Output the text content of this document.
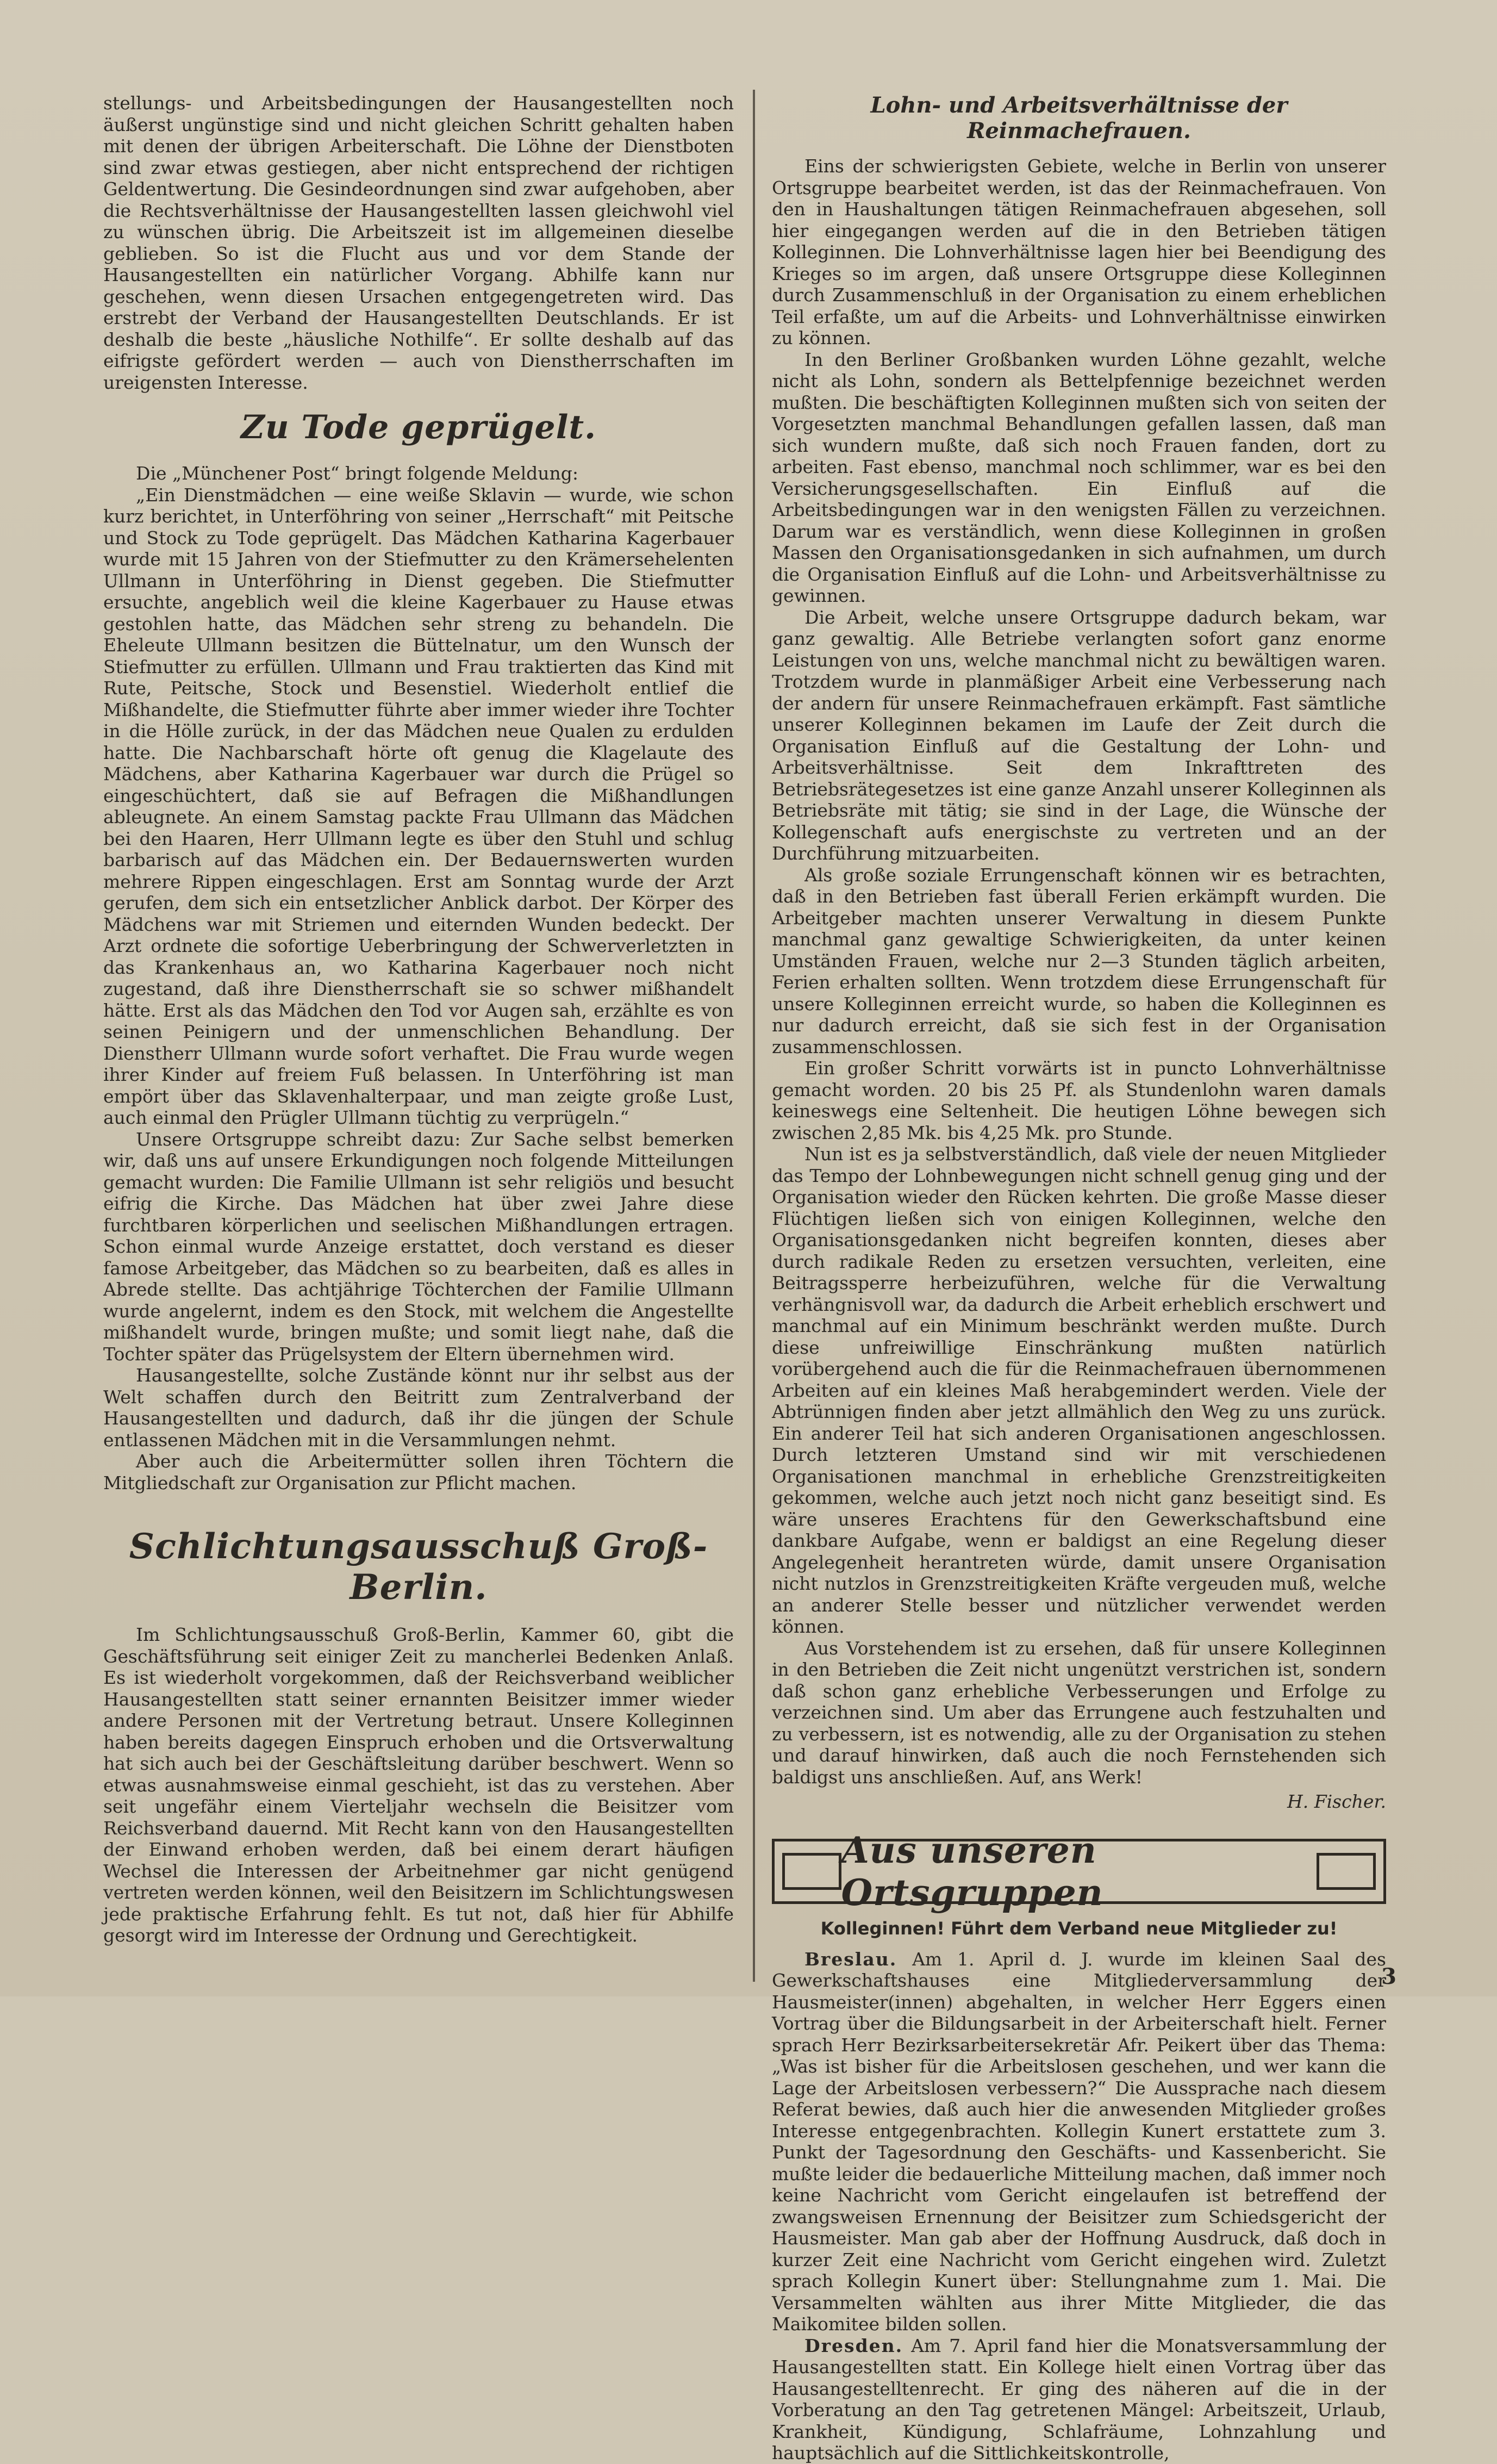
stellungs- und Arbeitsbedingungen der Hausangestellten noch äußerst ungünstige sind und nicht gleichen Schritt gehalten haben mit denen der übrigen Arbeiterschaft. Die Löhne der Dienstboten sind zwar etwas gestiegen, aber nicht entsprechend der richtigen Geldentwertung. Die Gesindeordnungen sind zwar aufgehoben, aber die Rechtsverhältnisse der Hausangestellten lassen gleichwohl viel zu wünschen übrig. Die Arbeitszeit ist im allgemeinen dieselbe geblieben. So ist die Flucht aus und vor dem Stande der Hausangestellten ein natürlicher Vorgang. Abhilfe kann nur geschehen, wenn diesen Ursachen entgegengetreten wird. Das erstrebt der Verband der Hausangestellten Deutschlands. Er ist deshalb die beste „häusliche Nothilfe“. Er sollte deshalb auf das eifrigste gefördert werden — auch von Dienstherrschaften im ureigensten Interesse.

Zu Tode geprügelt.

Die „Münchener Post“ bringt folgende Meldung:

„Ein Dienstmädchen — eine weiße Sklavin — wurde, wie schon kurz berichtet, in Unterföhring von seiner „Herrschaft“ mit Peitsche und Stock zu Tode geprügelt. Das Mädchen Katharina Kagerbauer wurde mit 15 Jahren von der Stiefmutter zu den Krämersehelenten Ullmann in Unterföhring in Dienst gegeben. Die Stiefmutter ersuchte, angeblich weil die kleine Kagerbauer zu Hause etwas gestohlen hatte, das Mädchen sehr streng zu behandeln. Die Eheleute Ullmann besitzen die Büttelnatur, um den Wunsch der Stiefmutter zu erfüllen. Ullmann und Frau traktierten das Kind mit Rute, Peitsche, Stock und Besenstiel. Wiederholt entlief die Mißhandelte, die Stiefmutter führte aber immer wieder ihre Tochter in die Hölle zurück, in der das Mädchen neue Qualen zu erdulden hatte. Die Nachbarschaft hörte oft genug die Klagelaute des Mädchens, aber Katharina Kagerbauer war durch die Prügel so eingeschüchtert, daß sie auf Befragen die Mißhandlungen ableugnete. An einem Samstag packte Frau Ullmann das Mädchen bei den Haaren, Herr Ullmann legte es über den Stuhl und schlug barbarisch auf das Mädchen ein. Der Bedauernswerten wurden mehrere Rippen eingeschlagen. Erst am Sonntag wurde der Arzt gerufen, dem sich ein entsetzlicher Anblick darbot. Der Körper des Mädchens war mit Striemen und eiternden Wunden bedeckt. Der Arzt ordnete die sofortige Ueberbringung der Schwerverletzten in das Krankenhaus an, wo Katharina Kagerbauer noch nicht zugestand, daß ihre Dienstherrschaft sie so schwer mißhandelt hätte. Erst als das Mädchen den Tod vor Augen sah, erzählte es von seinen Peinigern und der unmenschlichen Behandlung. Der Dienstherr Ullmann wurde sofort verhaftet. Die Frau wurde wegen ihrer Kinder auf freiem Fuß belassen. In Unterföhring ist man empört über das Sklavenhalterpaar, und man zeigte große Lust, auch einmal den Prügler Ullmann tüchtig zu verprügeln.“

Unsere Ortsgruppe schreibt dazu: Zur Sache selbst bemerken wir, daß uns auf unsere Erkundigungen noch folgende Mitteilungen gemacht wurden: Die Familie Ullmann ist sehr religiös und besucht eifrig die Kirche. Das Mädchen hat über zwei Jahre diese furchtbaren körperlichen und seelischen Mißhandlungen ertragen. Schon einmal wurde Anzeige erstattet, doch verstand es dieser famose Arbeitgeber, das Mädchen so zu bearbeiten, daß es alles in Abrede stellte. Das achtjährige Töchterchen der Familie Ullmann wurde angelernt, indem es den Stock, mit welchem die Angestellte mißhandelt wurde, bringen mußte; und somit liegt nahe, daß die Tochter später das Prügelsystem der Eltern übernehmen wird.

Hausangestellte, solche Zustände könnt nur ihr selbst aus der Welt schaffen durch den Beitritt zum Zentralverband der Hausangestellten und dadurch, daß ihr die jüngen der Schule entlassenen Mädchen mit in die Versammlungen nehmt.

Aber auch die Arbeitermütter sollen ihren Töchtern die Mitgliedschaft zur Organisation zur Pflicht machen.

Schlichtungsausschuß Groß-Berlin.

Im Schlichtungsausschuß Groß-Berlin, Kammer 60, gibt die Geschäftsführung seit einiger Zeit zu mancherlei Bedenken Anlaß. Es ist wiederholt vorgekommen, daß der Reichsverband weiblicher Hausangestellten statt seiner ernannten Beisitzer immer wieder andere Personen mit der Vertretung betraut. Unsere Kolleginnen haben bereits dagegen Einspruch erhoben und die Ortsverwaltung hat sich auch bei der Geschäftsleitung darüber beschwert. Wenn so etwas ausnahmsweise einmal geschieht, ist das zu verstehen. Aber seit ungefähr einem Vierteljahr wechseln die Beisitzer vom Reichsverband dauernd. Mit Recht kann von den Hausangestellten der Einwand erhoben werden, daß bei einem derart häufigen Wechsel die Interessen der Arbeitnehmer gar nicht genügend vertreten werden können, weil den Beisitzern im Schlichtungswesen jede praktische Erfahrung fehlt. Es tut not, daß hier für Abhilfe gesorgt wird im Interesse der Ordnung und Gerechtigkeit.

Lohn- und Arbeitsverhältnisse der Reinmachefrauen.

Eins der schwierigsten Gebiete, welche in Berlin von unserer Ortsgruppe bearbeitet werden, ist das der Reinmachefrauen. Von den in Haushaltungen tätigen Reinmachefrauen abgesehen, soll hier eingegangen werden auf die in den Betrieben tätigen Kolleginnen. Die Lohnverhältnisse lagen hier bei Beendigung des Krieges so im argen, daß unsere Ortsgruppe diese Kolleginnen durch Zusammenschluß in der Organisation zu einem erheblichen Teil erfaßte, um auf die Arbeits- und Lohnverhältnisse einwirken zu können.

In den Berliner Großbanken wurden Löhne gezahlt, welche nicht als Lohn, sondern als Bettelpfennige bezeichnet werden mußten. Die beschäftigten Kolleginnen mußten sich von seiten der Vorgesetzten manchmal Behandlungen gefallen lassen, daß man sich wundern mußte, daß sich noch Frauen fanden, dort zu arbeiten. Fast ebenso, manchmal noch schlimmer, war es bei den Versicherungsgesellschaften. Ein Einfluß auf die Arbeitsbedingungen war in den wenigsten Fällen zu verzeichnen. Darum war es verständlich, wenn diese Kolleginnen in großen Massen den Organisationsgedanken in sich aufnahmen, um durch die Organisation Einfluß auf die Lohn- und Arbeitsverhältnisse zu gewinnen.

Die Arbeit, welche unsere Ortsgruppe dadurch bekam, war ganz gewaltig. Alle Betriebe verlangten sofort ganz enorme Leistungen von uns, welche manchmal nicht zu bewältigen waren. Trotzdem wurde in planmäßiger Arbeit eine Verbesserung nach der andern für unsere Reinmachefrauen erkämpft. Fast sämtliche unserer Kolleginnen bekamen im Laufe der Zeit durch die Organisation Einfluß auf die Gestaltung der Lohn- und Arbeitsverhältnisse. Seit dem Inkrafttreten des Betriebsrätegesetzes ist eine ganze Anzahl unserer Kolleginnen als Betriebsräte mit tätig; sie sind in der Lage, die Wünsche der Kollegenschaft aufs energischste zu vertreten und an der Durchführung mitzuarbeiten.

Als große soziale Errungenschaft können wir es betrachten, daß in den Betrieben fast überall Ferien erkämpft wurden. Die Arbeitgeber machten unserer Verwaltung in diesem Punkte manchmal ganz gewaltige Schwierigkeiten, da unter keinen Umständen Frauen, welche nur 2—3 Stunden täglich arbeiten, Ferien erhalten sollten. Wenn trotzdem diese Errungenschaft für unsere Kolleginnen erreicht wurde, so haben die Kolleginnen es nur dadurch erreicht, daß sie sich fest in der Organisation zusammenschlossen.

Ein großer Schritt vorwärts ist in puncto Lohnverhältnisse gemacht worden. 20 bis 25 Pf. als Stundenlohn waren damals keineswegs eine Seltenheit. Die heutigen Löhne bewegen sich zwischen 2,85 Mk. bis 4,25 Mk. pro Stunde.

Nun ist es ja selbstverständlich, daß viele der neuen Mitglieder das Tempo der Lohnbewegungen nicht schnell genug ging und der Organisation wieder den Rücken kehrten. Die große Masse dieser Flüchtigen ließen sich von einigen Kolleginnen, welche den Organisationsgedanken nicht begreifen konnten, dieses aber durch radikale Reden zu ersetzen versuchten, verleiten, eine Beitragssperre herbeizuführen, welche für die Verwaltung verhängnisvoll war, da dadurch die Arbeit erheblich erschwert und manchmal auf ein Minimum beschränkt werden mußte. Durch diese unfreiwillige Einschränkung mußten natürlich vorübergehend auch die für die Reinmachefrauen übernommenen Arbeiten auf ein kleines Maß herabgemindert werden. Viele der Abtrünnigen finden aber jetzt allmählich den Weg zu uns zurück. Ein anderer Teil hat sich anderen Organisationen angeschlossen. Durch letzteren Umstand sind wir mit verschiedenen Organisationen manchmal in erhebliche Grenzstreitigkeiten gekommen, welche auch jetzt noch nicht ganz beseitigt sind. Es wäre unseres Erachtens für den Gewerkschaftsbund eine dankbare Aufgabe, wenn er baldigst an eine Regelung dieser Angelegenheit herantreten würde, damit unsere Organisation nicht nutzlos in Grenzstreitigkeiten Kräfte vergeuden muß, welche an anderer Stelle besser und nützlicher verwendet werden können.

Aus Vorstehendem ist zu ersehen, daß für unsere Kolleginnen in den Betrieben die Zeit nicht ungenützt verstrichen ist, sondern daß schon ganz erhebliche Verbesserungen und Erfolge zu verzeichnen sind. Um aber das Errungene auch festzuhalten und zu verbessern, ist es notwendig, alle zu der Organisation zu stehen und darauf hinwirken, daß auch die noch Fernstehenden sich baldigst uns anschließen. Auf, ans Werk!

H. Fischer.

Aus unseren Ortsgruppen
Kolleginnen! Führt dem Verband neue Mitglieder zu!

Breslau. Am 1. April d. J. wurde im kleinen Saal des Gewerkschaftshauses eine Mitgliederversammlung der Hausmeister(innen) abgehalten, in welcher Herr Eggers einen Vortrag über die Bildungsarbeit in der Arbeiterschaft hielt. Ferner sprach Herr Bezirksarbeitersekretär Afr. Peikert über das Thema: „Was ist bisher für die Arbeitslosen geschehen, und wer kann die Lage der Arbeitslosen verbessern?“ Die Aussprache nach diesem Referat bewies, daß auch hier die anwesenden Mitglieder großes Interesse entgegenbrachten. Kollegin Kunert erstattete zum 3. Punkt der Tagesordnung den Geschäfts- und Kassenbericht. Sie mußte leider die bedauerliche Mitteilung machen, daß immer noch keine Nachricht vom Gericht eingelaufen ist betreffend der zwangsweisen Ernennung der Beisitzer zum Schiedsgericht der Hausmeister. Man gab aber der Hoffnung Ausdruck, daß doch in kurzer Zeit eine Nachricht vom Gericht eingehen wird. Zuletzt sprach Kollegin Kunert über: Stellungnahme zum 1. Mai. Die Versammelten wählten aus ihrer Mitte Mitglieder, die das Maikomitee bilden sollen.

Dresden. Am 7. April fand hier die Monatsversammlung der Hausangestellten statt. Ein Kollege hielt einen Vortrag über das Hausangestelltenrecht. Er ging des näheren auf die in der Vorberatung an den Tag getretenen Mängel: Arbeitszeit, Urlaub, Krankheit, Kündigung, Schlafräume, Lohnzahlung und hauptsächlich auf die Sittlichkeitskontrolle,

3
